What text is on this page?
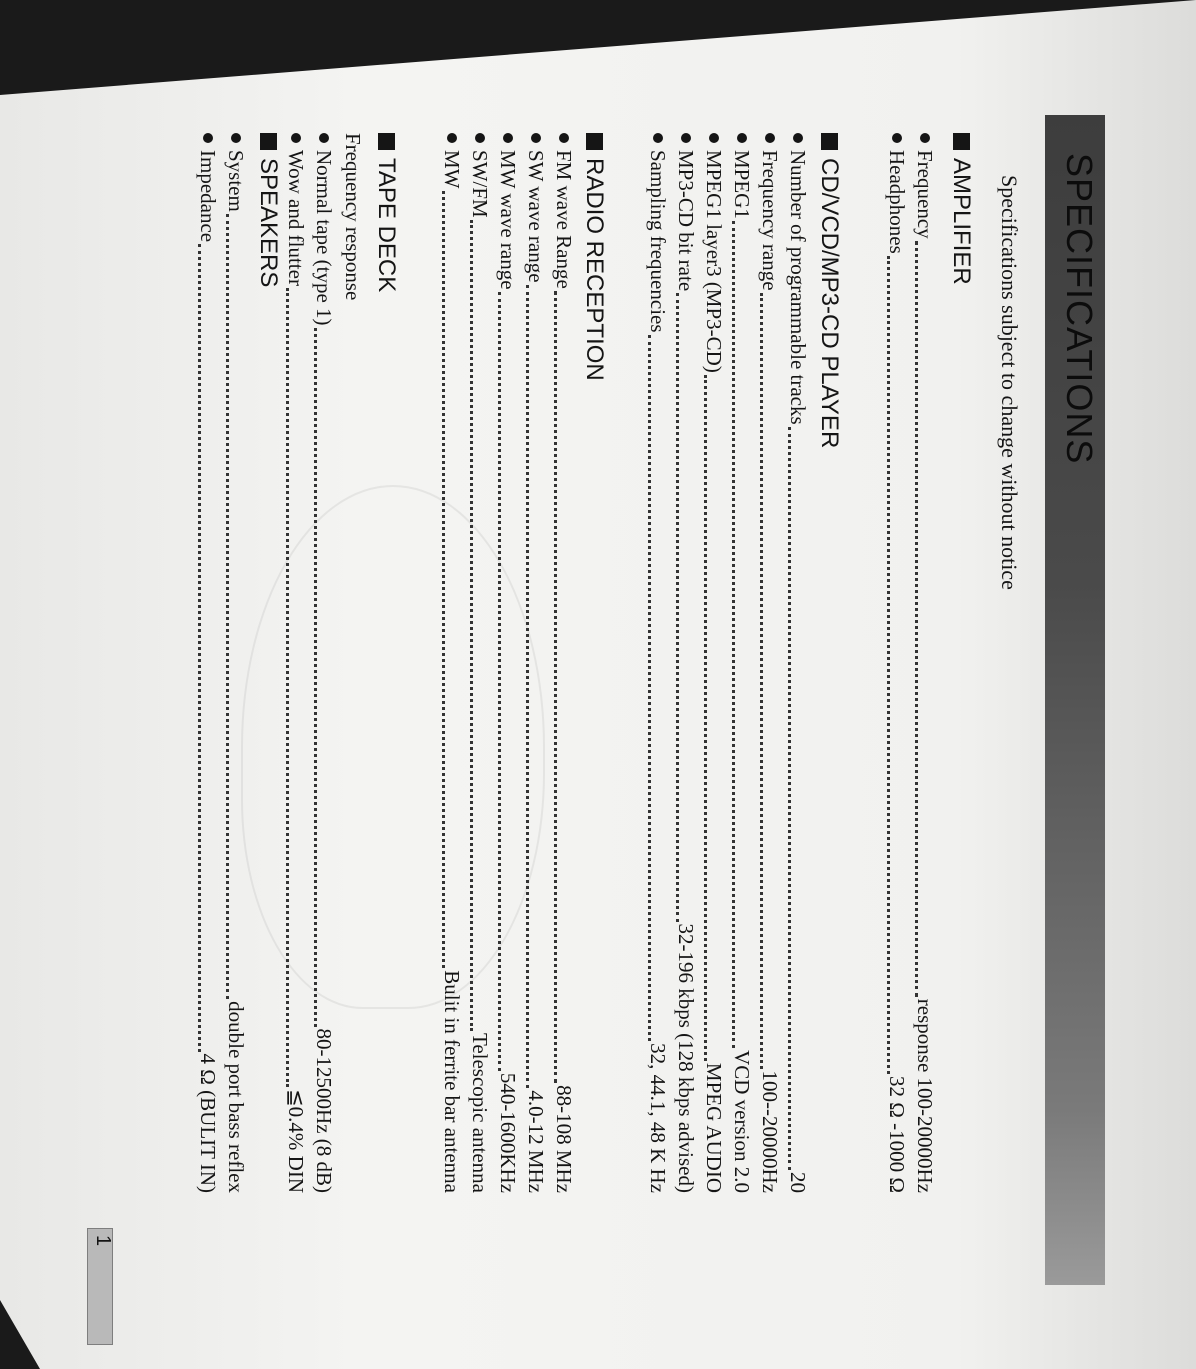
SPECIFICATIONS
Specifications subject to change without notice
AMPLIFIER
Frequency
response 100-20000Hz
Headphones
32 Ω -1000 Ω
CD/VCD/MP3-CD PLAYER
Number of programmable tracks
20
Frequency range
100--20000Hz
MPEG1
VCD version 2.0
MPEG1 layer3 (MP3-CD)
MPEG AUDIO
MP3-CD bit rate
32-196 kbps (128 kbps advised)
Sampling frequencies
32, 44.1, 48 K Hz
RADIO RECEPTION
FM wave Range
88-108 MHz
SW wave range
4.0-12 MHz
MW wave range
540-1600KHz
SW/FM
Telescopic antenna
MW
Bulit in ferrite bar antenna
TAPE DECK
Frequency response
Normal tape (type 1)
80-12500Hz (8 dB)
Wow and flutter
≦0.4% DIN
SPEAKERS
System
double port bass reflex
Impedance
4 Ω (BULIT IN)
1
